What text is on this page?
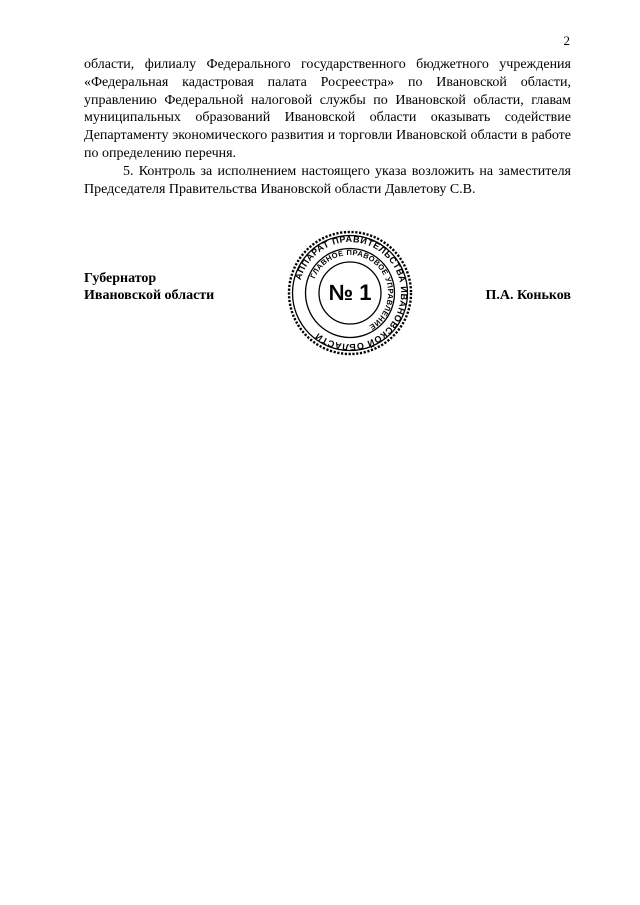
2

области, филиалу Федерального государственного бюджетного учреждения «Федеральная кадастровая палата Росреестра» по Ивановской области, управлению Федеральной налоговой службы по Ивановской области, главам муниципальных образований Ивановской области оказывать содействие Департаменту экономического развития и торговли Ивановской области в работе по определению перечня.

5. Контроль за исполнением настоящего указа возложить на заместителя Председателя Правительства Ивановской области Давлетову С.В.

Губернатор
Ивановской области	П.А. Коньков
АППАРАТ ПРАВИТЕЛЬСТВА ИВАНОВСКОЙ ОБЛАСТИ
ГЛАВНОЕ ПРАВОВОЕ УПРАВЛЕНИЕ
№ 1
